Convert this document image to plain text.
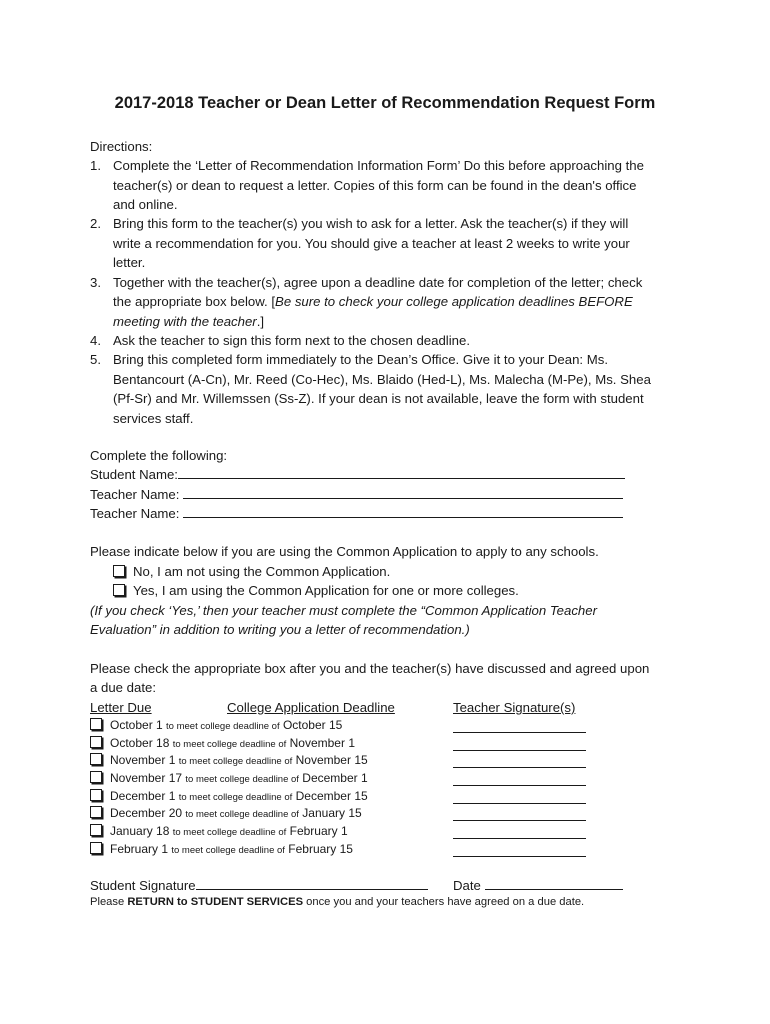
2017-2018 Teacher or Dean Letter of Recommendation Request Form
Directions:
1. Complete the ‘Letter of Recommendation Information Form’ Do this before approaching the
teacher(s) or dean to request a letter. Copies of this form can be found in the dean's office
and online.
2. Bring this form to the teacher(s) you wish to ask for a letter. Ask the teacher(s) if they will
write a recommendation for you. You should give a teacher at least 2 weeks to write your
letter.
3. Together with the teacher(s), agree upon a deadline date for completion of the letter; check
the appropriate box below. [Be sure to check your college application deadlines BEFORE
meeting with the teacher.]
4. Ask the teacher to sign this form next to the chosen deadline.
5. Bring this completed form immediately to the Dean’s Office. Give it to your Dean: Ms.
Bentancourt (A-Cn), Mr. Reed (Co-Hec), Ms. Blaido (Hed-L), Ms. Malecha (M-Pe), Ms. Shea
(Pf-Sr) and Mr. Willemssen (Ss-Z). If your dean is not available, leave the form with student
services staff.
Complete the following:
Student Name:
Teacher Name:
Teacher Name:
Please indicate below if you are using the Common Application to apply to any schools.
No, I am not using the Common Application.
Yes, I am using the Common Application for one or more colleges.
(If you check ‘Yes,’ then your teacher must complete the “Common Application Teacher
Evaluation” in addition to writing you a letter of recommendation.)
Please check the appropriate box after you and the teacher(s) have discussed and agreed upon
a due date:
Letter Due	College Application Deadline	Teacher Signature(s)
October 1 to meet college deadline of October 15
October 18 to meet college deadline of November 1
November 1 to meet college deadline of November 15
November 17 to meet college deadline of December 1
December 1 to meet college deadline of December 15
December 20 to meet college deadline of January 15
January 18 to meet college deadline of February 1
February 1 to meet college deadline of February 15
Student Signature	Date
Please RETURN to STUDENT SERVICES once you and your teachers have agreed on a due date.
